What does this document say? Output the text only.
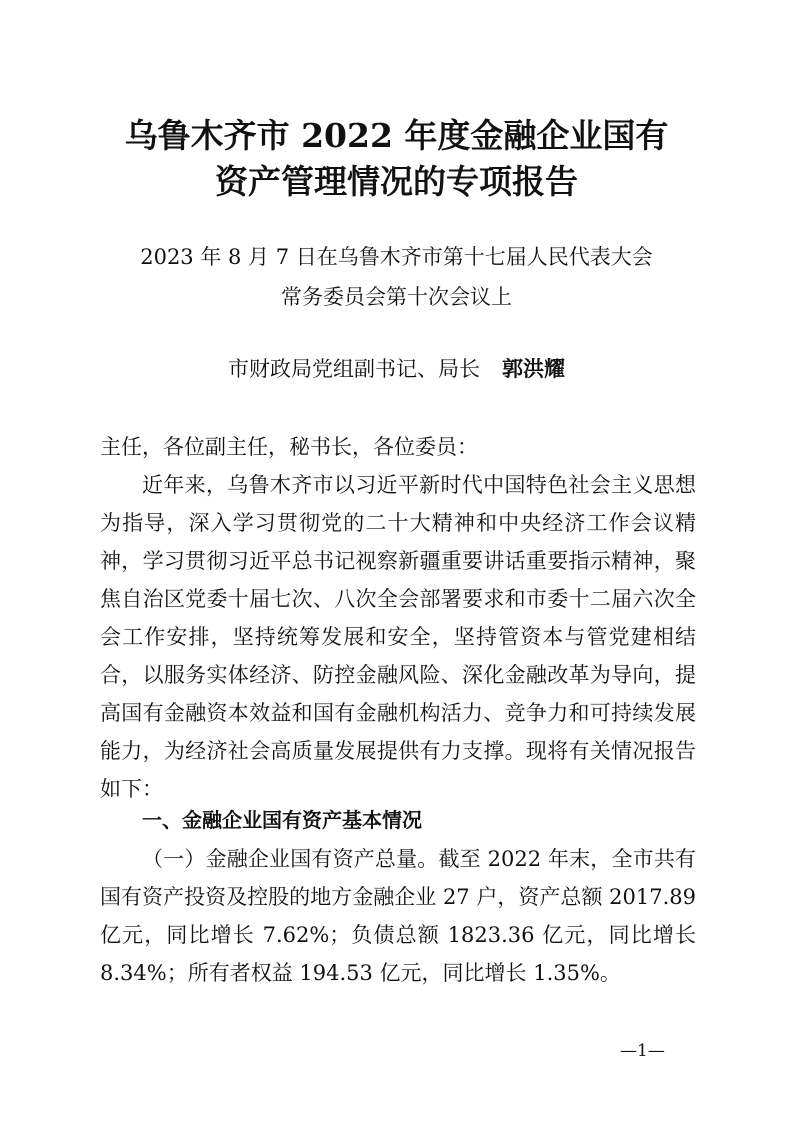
乌鲁木齐市 2022 年度金融企业国有
资产管理情况的专项报告
2023 年 8 月 7 日在乌鲁木齐市第十七届人民代表大会
常务委员会第十次会议上
市财政局党组副书记、局长 郭洪耀
主任，各位副主任，秘书长，各位委员：
近年来，乌鲁木齐市以习近平新时代中国特色社会主义思想为指导，深入学习贯彻党的二十大精神和中央经济工作会议精神，学习贯彻习近平总书记视察新疆重要讲话重要指示精神，聚焦自治区党委十届七次、八次全会部署要求和市委十二届六次全会工作安排，坚持统筹发展和安全，坚持管资本与管党建相结合，以服务实体经济、防控金融风险、深化金融改革为导向，提高国有金融资本效益和国有金融机构活力、竞争力和可持续发展能力，为经济社会高质量发展提供有力支撑。现将有关情况报告如下：
一、金融企业国有资产基本情况
（一）金融企业国有资产总量。截至 2022 年末，全市共有国有资产投资及控股的地方金融企业 27 户，资产总额 2017.89 亿元，同比增长 7.62%；负债总额 1823.36 亿元，同比增长 8.34%；所有者权益 194.53 亿元，同比增长 1.35%。
—1—
